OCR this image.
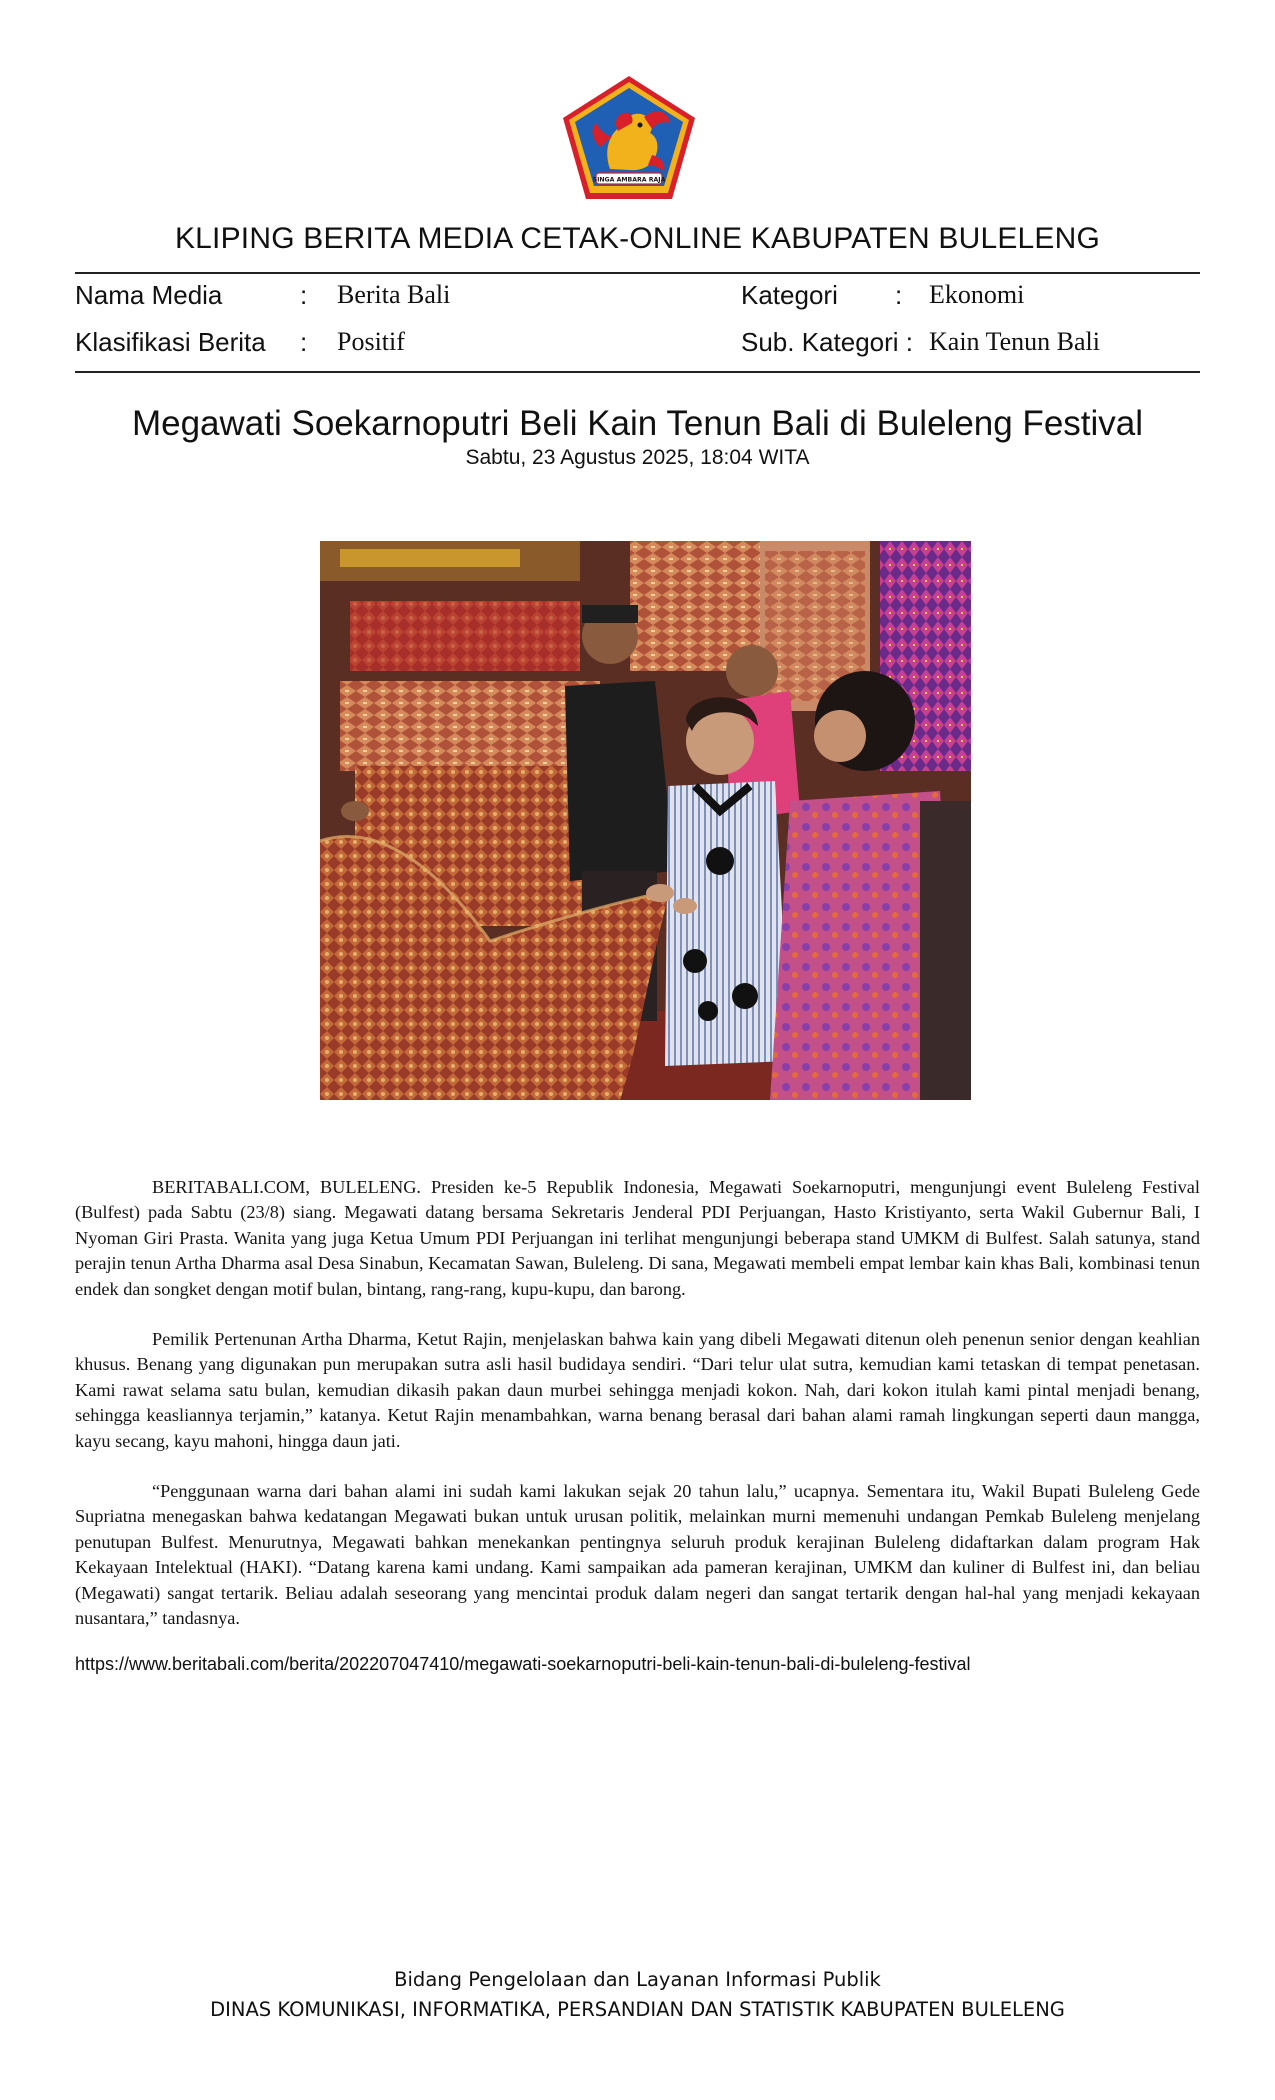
SINGA AMBARA RAJA
KLIPING BERITA MEDIA CETAK-ONLINE KABUPATEN BULELENG
Nama Media	: Berita Bali
Klasifikasi Berita : Positif
Kategori : Ekonomi
Sub. Kategori : Kain Tenun Bali
Megawati Soekarnoputri Beli Kain Tenun Bali di Buleleng Festival
Sabtu, 23 Agustus 2025, 18:04 WITA

BERITABALI.COM, BULELENG. Presiden ke-5 Republik Indonesia, Megawati Soekarnoputri, mengunjungi event Buleleng Festival (Bulfest) pada Sabtu (23/8) siang. Megawati datang bersama Sekretaris Jenderal PDI Perjuangan, Hasto Kristiyanto, serta Wakil Gubernur Bali, I Nyoman Giri Prasta. Wanita yang juga Ketua Umum PDI Perjuangan ini terlihat mengunjungi beberapa stand UMKM di Bulfest. Salah satunya, stand perajin tenun Artha Dharma asal Desa Sinabun, Kecamatan Sawan, Buleleng. Di sana, Megawati membeli empat lembar kain khas Bali, kombinasi tenun endek dan songket dengan motif bulan, bintang, rang-rang, kupu-kupu, dan barong.

Pemilik Pertenunan Artha Dharma, Ketut Rajin, menjelaskan bahwa kain yang dibeli Megawati ditenun oleh penenun senior dengan keahlian khusus. Benang yang digunakan pun merupakan sutra asli hasil budidaya sendiri. “Dari telur ulat sutra, kemudian kami tetaskan di tempat penetasan. Kami rawat selama satu bulan, kemudian dikasih pakan daun murbei sehingga menjadi kokon. Nah, dari kokon itulah kami pintal menjadi benang, sehingga keasliannya terjamin,” katanya. Ketut Rajin menambahkan, warna benang berasal dari bahan alami ramah lingkungan seperti daun mangga, kayu secang, kayu mahoni, hingga daun jati.

“Penggunaan warna dari bahan alami ini sudah kami lakukan sejak 20 tahun lalu,” ucapnya. Sementara itu, Wakil Bupati Buleleng Gede Supriatna menegaskan bahwa kedatangan Megawati bukan untuk urusan politik, melainkan murni memenuhi undangan Pemkab Buleleng menjelang penutupan Bulfest. Menurutnya, Megawati bahkan menekankan pentingnya seluruh produk kerajinan Buleleng didaftarkan dalam program Hak Kekayaan Intelektual (HAKI). “Datang karena kami undang. Kami sampaikan ada pameran kerajinan, UMKM dan kuliner di Bulfest ini, dan beliau (Megawati) sangat tertarik. Beliau adalah seseorang yang mencintai produk dalam negeri dan sangat tertarik dengan hal-hal yang menjadi kekayaan nusantara,” tandasnya.

https://www.beritabali.com/berita/202207047410/megawati-soekarnoputri-beli-kain-tenun-bali-di-buleleng-festival
Bidang Pengelolaan dan Layanan Informasi Publik
DINAS KOMUNIKASI, INFORMATIKA, PERSANDIAN DAN STATISTIK KABUPATEN BULELENG
